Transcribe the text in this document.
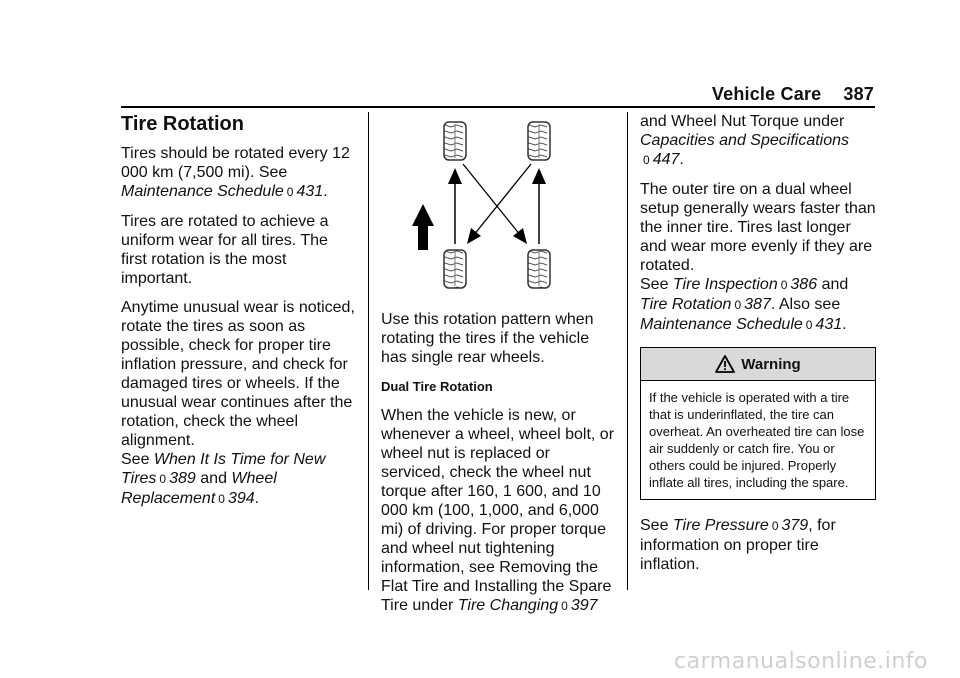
Vehicle Care 387
Tire Rotation

Tires should be rotated every 12 000 km (7,500 mi). See Maintenance Schedule 0 431.

Tires are rotated to achieve a uniform wear for all tires. The first rotation is the most important.

Anytime unusual wear is noticed, rotate the tires as soon as possible, check for proper tire inflation pressure, and check for damaged tires or wheels. If the unusual wear continues after the rotation, check the wheel alignment.
See When It Is Time for New Tires 0 389 and Wheel Replacement 0 394.

Use this rotation pattern when rotating the tires if the vehicle has single rear wheels.

Dual Tire Rotation

When the vehicle is new, or whenever a wheel, wheel bolt, or wheel nut is replaced or serviced, check the wheel nut torque after 160, 1 600, and 10 000 km (100, 1,000, and 6,000 mi) of driving. For proper torque and wheel nut tightening information, see Removing the Flat Tire and Installing the Spare Tire under Tire Changing 0 397

and Wheel Nut Torque under
Capacities and Specifications
0 447.

The outer tire on a dual wheel setup generally wears faster than the inner tire. Tires last longer and wear more evenly if they are rotated.
See Tire Inspection 0 386 and Tire Rotation 0 387. Also see Maintenance Schedule 0 431.

Warning
If the vehicle is operated with a tire that is underinflated, the tire can overheat. An overheated tire can lose air suddenly or catch fire. You or others could be injured. Properly inflate all tires, including the spare.

See Tire Pressure 0 379, for information on proper tire inflation.

carmanualsonline.info
